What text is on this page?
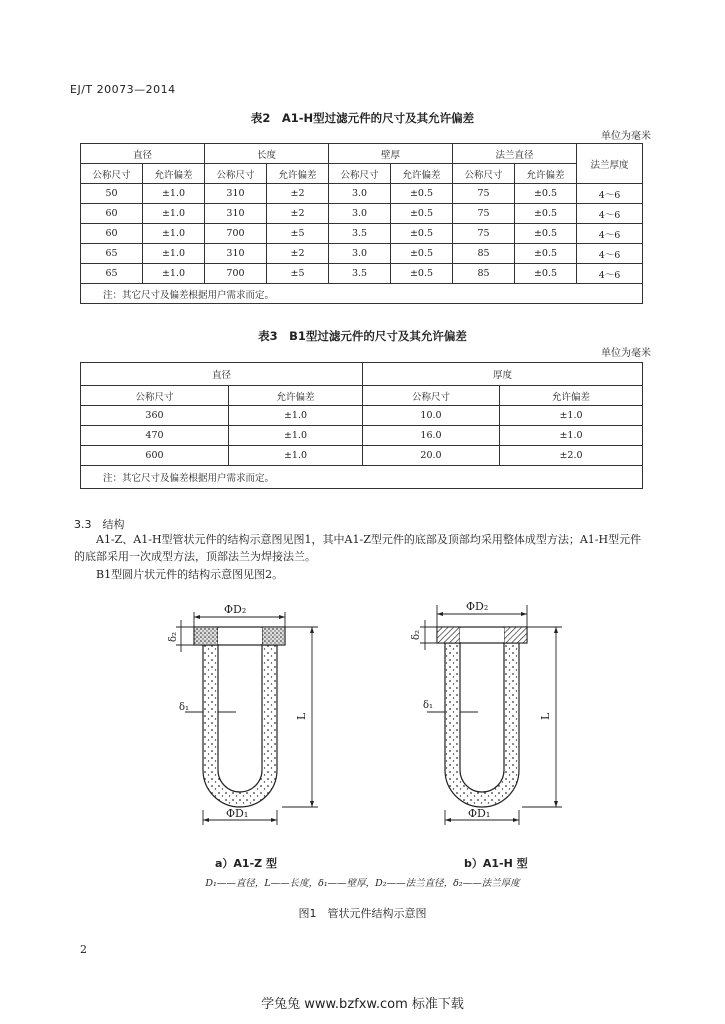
EJ/T 20073—2014
表2　A1-H型过滤元件的尺寸及其允许偏差
单位为毫米
直径		长度		壁厚		法兰直径		法兰厚度
公称尺寸	允许偏差	公称尺寸	允许偏差	公称尺寸	允许偏差	公称尺寸	允许偏差	
50	±1.0	310	±2	3.0	±0.5	75	±0.5	4～6
60	±1.0	310	±2	3.0	±0.5	75	±0.5	4～6
60	±1.0	700	±5	3.5	±0.5	75	±0.5	4～6
65	±1.0	310	±2	3.0	±0.5	85	±0.5	4～6
65	±1.0	700	±5	3.5	±0.5	85	±0.5	4～6
注：其它尺寸及偏差根据用户需求而定。								
表3　B1型过滤元件的尺寸及其允许偏差
单位为毫米
直径		厚度	
公称尺寸	允许偏差	公称尺寸	允许偏差
360	±1.0	10.0	±1.0
470	±1.0	16.0	±1.0
600	±1.0	20.0	±2.0
注：其它尺寸及偏差根据用户需求而定。			
3.3　结构
A1-Z、A1-H型管状元件的结构示意图见图1，其中A1-Z型元件的底部及顶部均采用整体成型方法；A1-H型元件的底部采用一次成型方法，顶部法兰为焊接法兰。
B1型圆片状元件的结构示意图见图2。
ΦD₂
ΦD₁
L
δ₂
δ₁
ΦD₂
ΦD₁
L
δ₂
δ₁
a）A1-Z 型	b）A1-H 型
D₁——直径，L——长度，δ₁——壁厚，D₂——法兰直径，δ₂——法兰厚度
图1　管状元件结构示意图
2
学兔兔 www.bzfxw.com 标准下载
